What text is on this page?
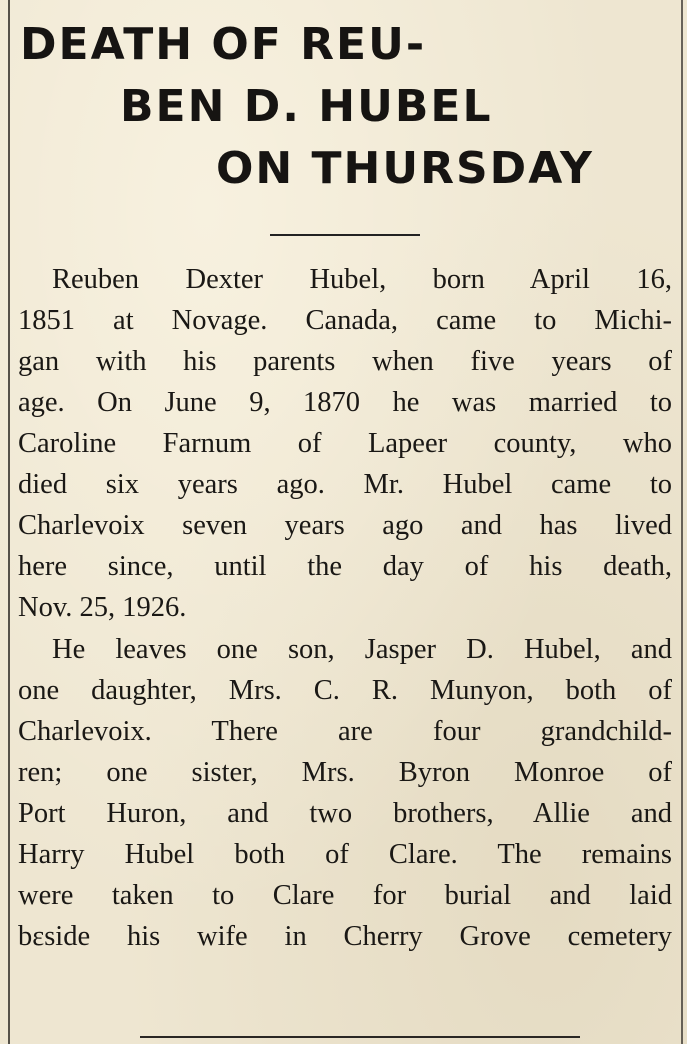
DEATH OF REU-
BEN D. HUBEL
ON THURSDAY
Reuben Dexter Hubel, born April 16,
1851 at Novage. Canada, came to Michi-
gan with his parents when five years of
age. On June 9, 1870 he was married to
Caroline Farnum of Lapeer county, who
died six years ago. Mr. Hubel came to
Charlevoix seven years ago and has lived
here since, until the day of his death,
Nov. 25, 1926.
He leaves one son, Jasper D. Hubel, and
one daughter, Mrs. C. R. Munyon, both of
Charlevoix. There are four grandchild-
ren; one sister, Mrs. Byron Monroe of
Port Huron, and two brothers, Allie and
Harry Hubel both of Clare. The remains
were taken to Clare for burial and laid
bεside his wife in Cherry Grove cemetery
